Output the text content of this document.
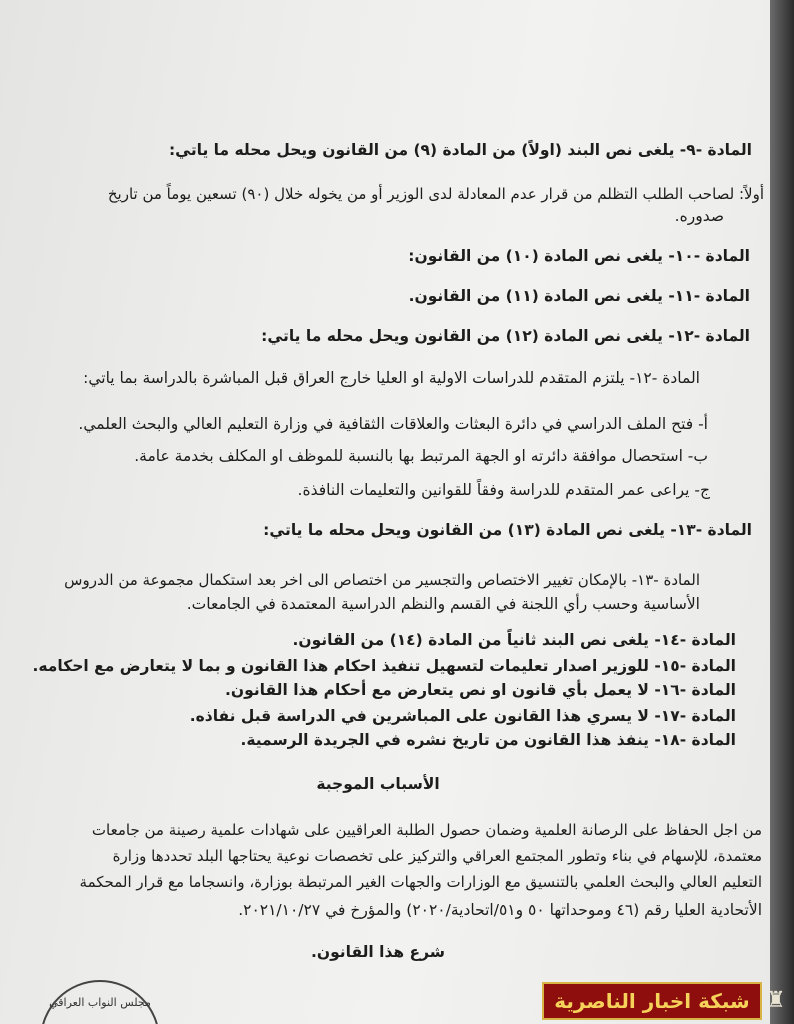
المادة -٩- يلغى نص البند (اولاً) من المادة (٩) من القانون ويحل محله ما ياتي:
أولاً: لصاحب الطلب التظلم من قرار عدم المعادلة لدى الوزير أو من يخوله خلال (٩٠) تسعين يوماً من تاريخ
صدوره.
المادة -١٠- يلغى نص المادة (١٠) من القانون:
المادة -١١- يلغى نص المادة (١١) من القانون.
المادة -١٢- يلغى نص المادة (١٢) من القانون ويحل محله ما ياتي:
المادة -١٢- يلتزم المتقدم للدراسات الاولية او العليا خارج العراق قبل المباشرة بالدراسة بما ياتي:
أ- فتح الملف الدراسي في دائرة البعثات والعلاقات الثقافية في وزارة التعليم العالي والبحث العلمي.
ب- استحصال موافقة دائرته او الجهة المرتبط بها بالنسبة للموظف او المكلف بخدمة عامة.
ج- يراعى عمر المتقدم للدراسة وفقاً للقوانين والتعليمات النافذة.
المادة -١٣- يلغى نص المادة (١٣) من القانون ويحل محله ما ياتي:
المادة -١٣- بالإمكان تغيير الاختصاص والتجسير من اختصاص الى اخر بعد استكمال مجموعة من الدروس
الأساسية وحسب رأي اللجنة في القسم والنظم الدراسية المعتمدة في الجامعات.
المادة -١٤- يلغى نص البند ثانياً من المادة (١٤) من القانون.
المادة -١٥- للوزير اصدار تعليمات لتسهيل تنفيذ احكام هذا القانون و بما لا يتعارض مع احكامه.
المادة -١٦- لا يعمل بأي قانون او نص يتعارض مع أحكام هذا القانون.
المادة -١٧- لا يسري هذا القانون على المباشرين في الدراسة قبل نفاذه.
المادة -١٨- ينفذ هذا القانون من تاريخ نشره في الجريدة الرسمية.
الأسباب الموجبة
من اجل الحفاظ على الرصانة العلمية وضمان حصول الطلبة العراقيين على شهادات علمية رصينة من جامعات
معتمدة، للإسهام في بناء وتطور المجتمع العراقي والتركيز على تخصصات نوعية يحتاجها البلد تحددها وزارة
التعليم العالي والبحث العلمي بالتنسيق مع الوزارات والجهات الغير المرتبطة بوزارة، وانسجاما مع قرار المحكمة
الأتحادية العليا رقم (٤٦ وموحداتها ٥٠ و٥١/اتحادية/٢٠٢٠) والمؤرخ في ٢٠٢١/١٠/٢٧.
شرع هذا القانون.
مجلس النواب العراقي	شبكة اخبار الناصرية ♜
